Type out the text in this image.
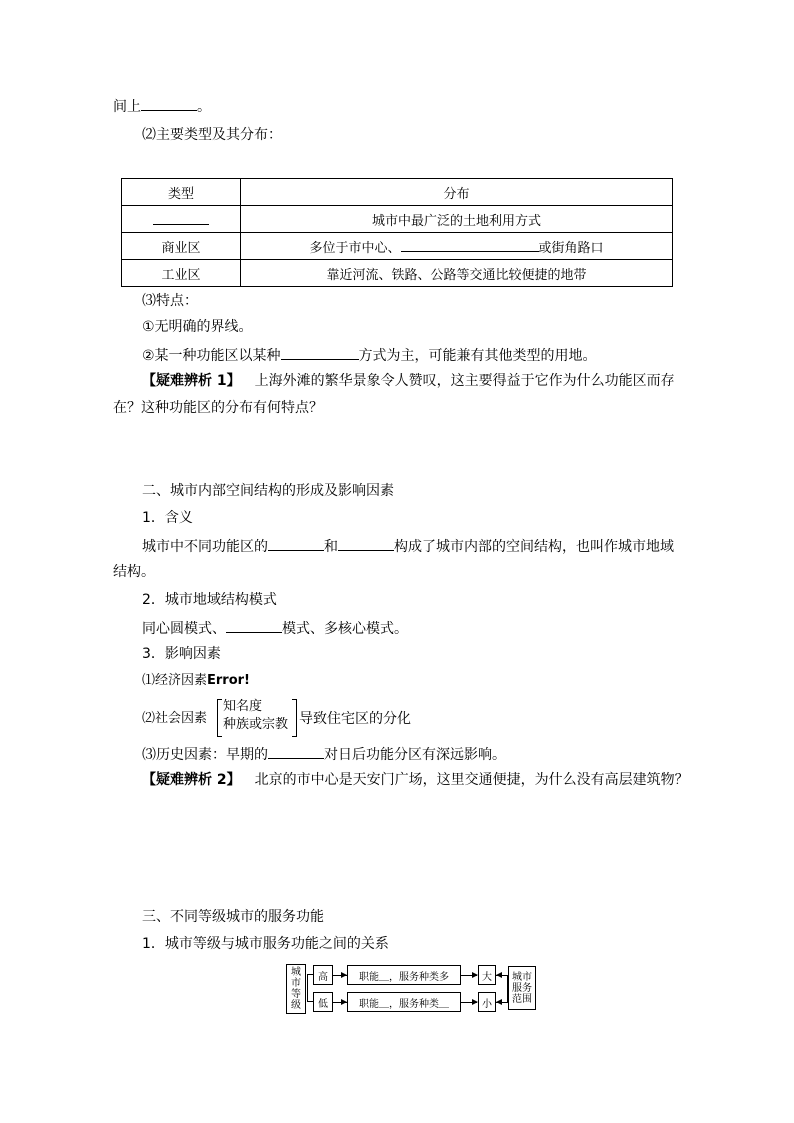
间上	。
⑵主要类型及其分布：
类型	分布
	城市中最广泛的土地利用方式
商业区	多位于市中心、 或街角路口
工业区	靠近河流、铁路、公路等交通比较便捷的地带
⑶特点：
①无明确的界线。
②某一种功能区以某种	方式为主，可能兼有其他类型的用地。
【疑难辨析 1】 上海外滩的繁华景象令人赞叹，这主要得益于它作为什么功能区而存
在？这种功能区的分布有何特点？
二、城市内部空间结构的形成及影响因素
1．含义
城市中不同功能区的	和	构成了城市内部的空间结构，也叫作城市地域
结构。
2．城市地域结构模式
同心圆模式、	模式、多核心模式。
3．影响因素
⑴经济因素Error!
⑵社会因素
知名度
种族或宗教 导致住宅区的分化
⑶历史因素：早期的	对日后功能分区有深远影响。
【疑难辨析 2】 北京的市中心是天安门广场，这里交通便捷，为什么没有高层建筑物？
三、不同等级城市的服务功能
1．城市等级与城市服务功能之间的关系
城市等级
高
低
职能＿，服务种类多
职能＿，服务种类＿
大
小
城市服务范围
